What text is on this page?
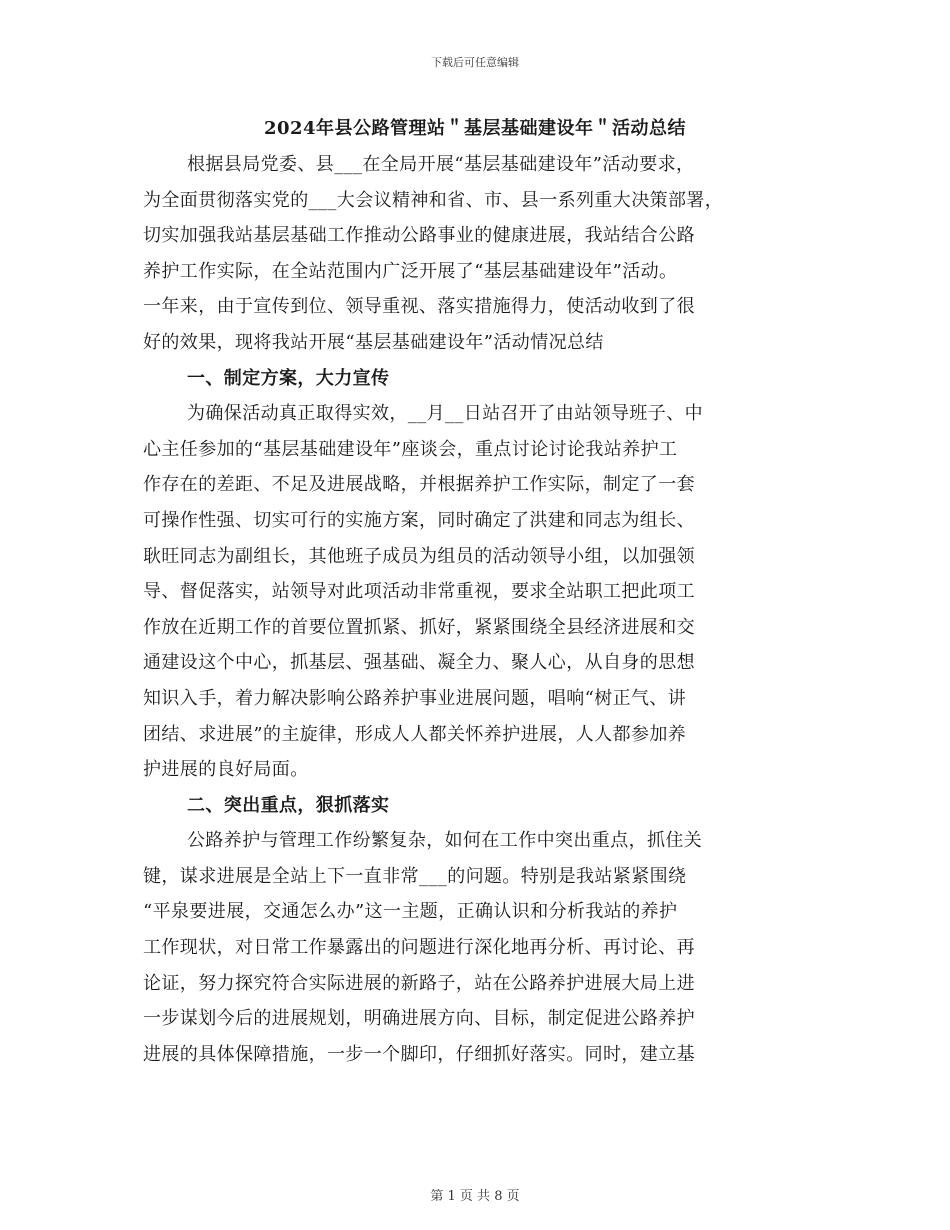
下载后可任意编辑
2024年县公路管理站＂基层基础建设年＂活动总结
根据县局党委、县___在全局开展“基层基础建设年”活动要求，
为全面贯彻落实党的___大会议精神和省、市、县一系列重大决策部署，
切实加强我站基层基础工作推动公路事业的健康进展，我站结合公路
养护工作实际，在全站范围内广泛开展了“基层基础建设年”活动。
一年来，由于宣传到位、领导重视、落实措施得力，使活动收到了很
好的效果，现将我站开展“基层基础建设年”活动情况总结
一、制定方案，大力宣传
为确保活动真正取得实效，__月__日站召开了由站领导班子、中
心主任参加的“基层基础建设年”座谈会，重点讨论讨论我站养护工
作存在的差距、不足及进展战略，并根据养护工作实际，制定了一套
可操作性强、切实可行的实施方案，同时确定了洪建和同志为组长、
耿旺同志为副组长，其他班子成员为组员的活动领导小组，以加强领
导、督促落实，站领导对此项活动非常重视，要求全站职工把此项工
作放在近期工作的首要位置抓紧、抓好，紧紧围绕全县经济进展和交
通建设这个中心，抓基层、强基础、凝全力、聚人心，从自身的思想
知识入手，着力解决影响公路养护事业进展问题，唱响“树正气、讲
团结、求进展”的主旋律，形成人人都关怀养护进展，人人都参加养
护进展的良好局面。
二、突出重点，狠抓落实
公路养护与管理工作纷繁复杂，如何在工作中突出重点，抓住关
键，谋求进展是全站上下一直非常___的问题。特别是我站紧紧围绕
“平泉要进展，交通怎么办”这一主题，正确认识和分析我站的养护
工作现状，对日常工作暴露出的问题进行深化地再分析、再讨论、再
论证，努力探究符合实际进展的新路子，站在公路养护进展大局上进
一步谋划今后的进展规划，明确进展方向、目标，制定促进公路养护
进展的具体保障措施，一步一个脚印，仔细抓好落实。同时，建立基
第 1 页 共 8 页
